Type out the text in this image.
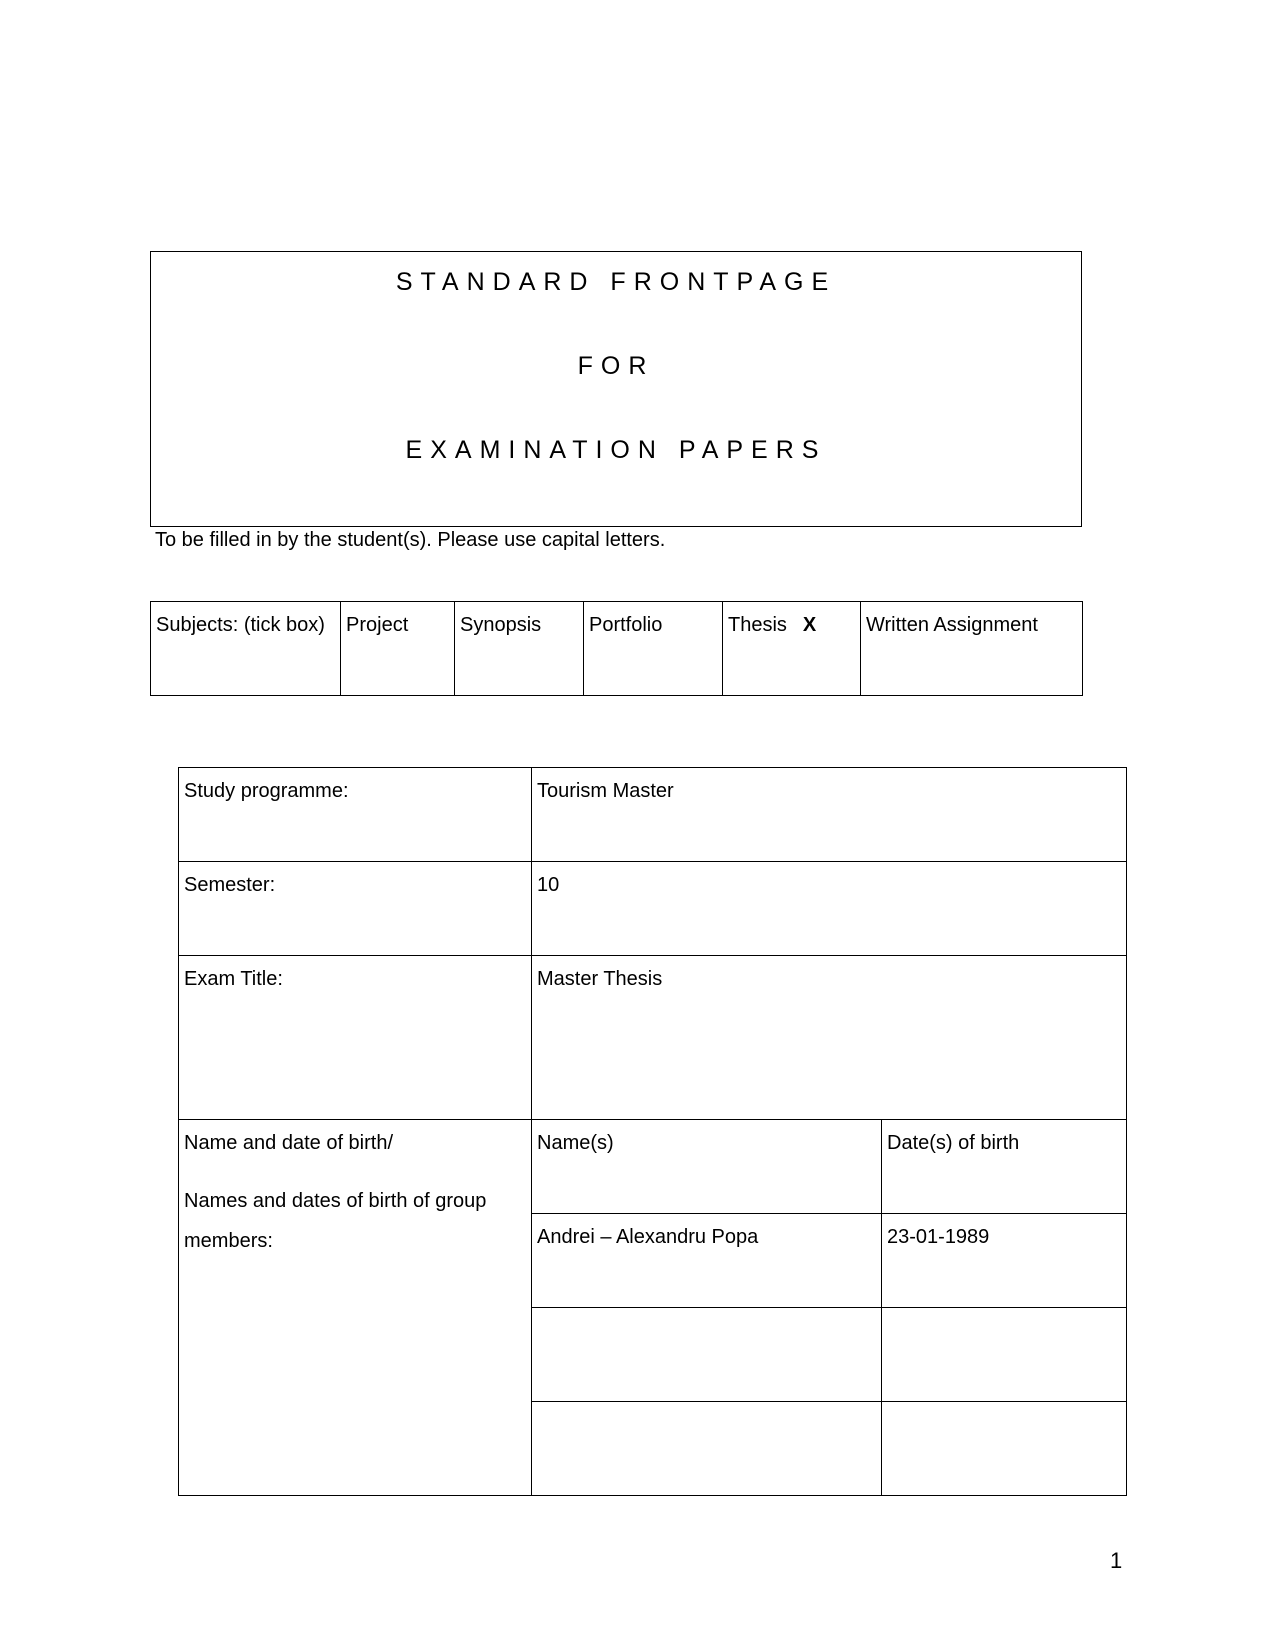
STANDARD FRONTPAGE
FOR
EXAMINATION PAPERS
To be filled in by the student(s). Please use capital letters.
Subjects: (tick box)	Project	Synopsis	Portfolio	Thesis X	Written Assignment
Study programme:	Tourism Master	
Semester:	10	
Exam Title:	Master Thesis	

Name and date of birth/
Names and dates of birth of group members:	Name(s)	Date(s) of birth
	Andrei – Alexandru Popa	23-01-1989

1
